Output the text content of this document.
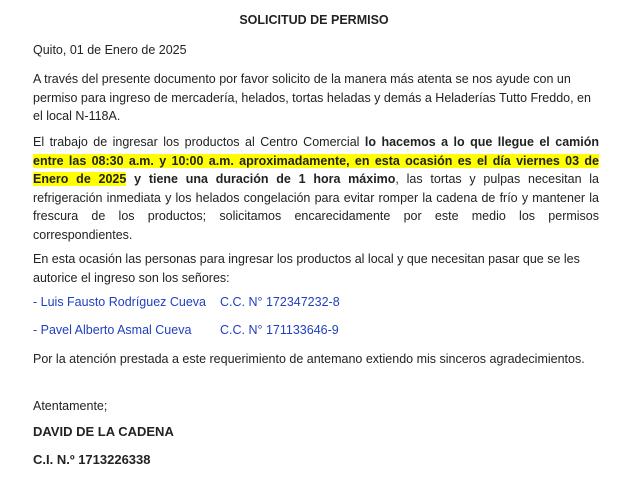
SOLICITUD DE PERMISO
Quito, 01 de Enero de 2025
A través del presente documento por favor solicito de la manera más atenta se nos ayude con un permiso para ingreso de mercadería, helados, tortas heladas y demás a Heladerías Tutto Freddo, en el local N-118A.
El trabajo de ingresar los productos al Centro Comercial lo hacemos a lo que llegue el camión entre las 08:30 a.m. y 10:00 a.m. aproximadamente, en esta ocasión es el día viernes 03 de Enero de 2025 y tiene una duración de 1 hora máximo, las tortas y pulpas necesitan la refrigeración inmediata y los helados congelación para evitar romper la cadena de frío y mantener la frescura de los productos; solicitamos encarecidamente por este medio los permisos correspondientes.
En esta ocasión las personas para ingresar los productos al local y que necesitan pasar que se les autorice el ingreso son los señores:
- Luis Fausto Rodríguez Cueva C.C. N° 172347232-8
- Pavel Alberto Asmal Cueva C.C. N° 171133646-9
Por la atención prestada a este requerimiento de antemano extiendo mis sinceros agradecimientos.
Atentamente;
DAVID DE LA CADENA
C.I. N.º 1713226338
